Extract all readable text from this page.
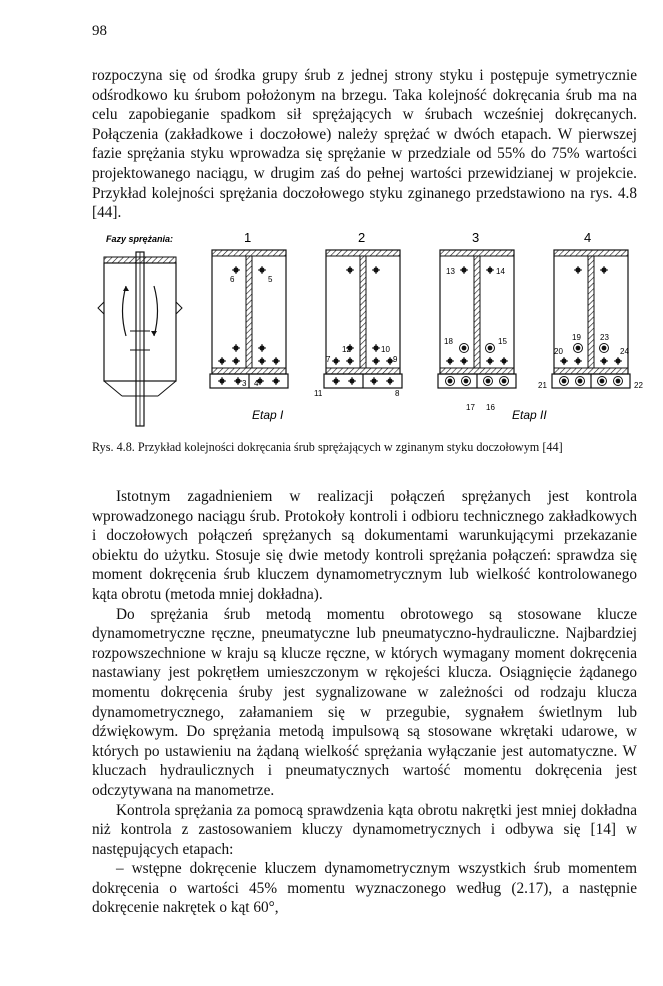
98

rozpoczyna się od środka grupy śrub z jednej strony styku i postępuje symetrycznie odśrodkowo ku śrubom położonym na brzegu. Taka kolejność dokręcania śrub ma na celu zapobieganie spadkom sił sprężających w śrubach wcześniej dokręcanych. Połączenia (zakładkowe i doczołowe) należy sprężać w dwóch etapach. W pierwszej fazie sprężania styku wprowadza się sprężanie w przedziale od 55% do 75% wartości projektowanego naciągu, w drugim zaś do pełnej wartości przewidzianej w projekcie. Przykład kolejności sprężania doczołowego styku zginanego przedstawiono na rys. 4.8 [44].

Fazy sprężania:	1	2	3	4
6	5
3 4
12	10
7	9
11	8
13	14
18	15
17 16
19 23
20	24
21	22
Etap I	Etap II

Rys. 4.8. Przykład kolejności dokręcania śrub sprężających w zginanym styku doczołowym [44]

Istotnym zagadnieniem w realizacji połączeń sprężanych jest kontrola wprowadzonego naciągu śrub. Protokoły kontroli i odbioru technicznego zakładkowych i doczołowych połączeń sprężanych są dokumentami warunkującymi przekazanie obiektu do użytku. Stosuje się dwie metody kontroli sprężania połączeń: sprawdza się moment dokręcenia śrub kluczem dynamometrycznym lub wielkość kontrolowanego kąta obrotu (metoda mniej dokładna).

Do sprężania śrub metodą momentu obrotowego są stosowane klucze dynamometryczne ręczne, pneumatyczne lub pneumatyczno-hydrauliczne. Najbardziej rozpowszechnione w kraju są klucze ręczne, w których wymagany moment dokręcenia nastawiany jest pokrętłem umieszczonym w rękojeści klucza. Osiągnięcie żądanego momentu dokręcenia śruby jest sygnalizowane w zależności od rodzaju klucza dynamometrycznego, załamaniem się w przegubie, sygnałem świetlnym lub dźwiękowym. Do sprężania metodą impulsową są stosowane wkrętaki udarowe, w których po ustawieniu na żądaną wielkość sprężania wyłączanie jest automatyczne. W kluczach hydraulicznych i pneumatycznych wartość momentu dokręcenia jest odczytywana na manometrze.

Kontrola sprężania za pomocą sprawdzenia kąta obrotu nakrętki jest mniej dokładna niż kontrola z zastosowaniem kluczy dynamometrycznych i odbywa się [14] w następujących etapach:

– wstępne dokręcenie kluczem dynamometrycznym wszystkich śrub momentem dokręcenia o wartości 45% momentu wyznaczonego według (2.17), a następnie dokręcenie nakrętek o kąt 60°,
